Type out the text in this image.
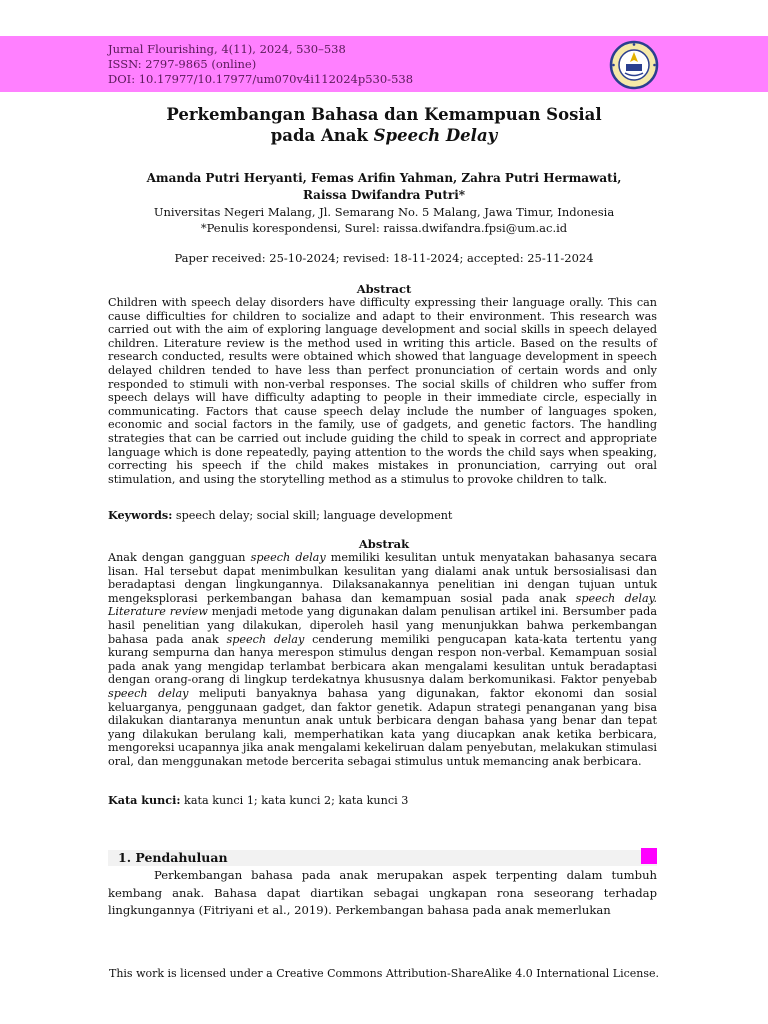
Jurnal Flourishing, 4(11), 2024, 530–538
ISSN: 2797-9865 (online)
DOI: 10.17977/10.17977/um070v4i112024p530-538
Perkembangan Bahasa dan Kemampuan Sosial
pada Anak Speech Delay
Amanda Putri Heryanti, Femas Arifin Yahman, Zahra Putri Hermawati,
Raissa Dwifandra Putri*
Universitas Negeri Malang, Jl. Semarang No. 5 Malang, Jawa Timur, Indonesia
*Penulis korespondensi, Surel: raissa.dwifandra.fpsi@um.ac.id
Paper received: 25-10-2024; revised: 18-11-2024; accepted: 25-11-2024
Abstract
Children with speech delay disorders have difficulty expressing their language orally. This can cause difficulties for children to socialize and adapt to their environment. This research was carried out with the aim of exploring language development and social skills in speech delayed children. Literature review is the method used in writing this article. Based on the results of research conducted, results were obtained which showed that language development in speech delayed children tended to have less than perfect pronunciation of certain words and only responded to stimuli with non-verbal responses. The social skills of children who suffer from speech delays will have difficulty adapting to people in their immediate circle, especially in communicating. Factors that cause speech delay include the number of languages spoken, economic and social factors in the family, use of gadgets, and genetic factors. The handling strategies that can be carried out include guiding the child to speak in correct and appropriate language which is done repeatedly, paying attention to the words the child says when speaking, correcting his speech if the child makes mistakes in pronunciation, carrying out oral stimulation, and using the storytelling method as a stimulus to provoke children to talk.
Keywords: speech delay; social skill; language development
Abstrak
Anak dengan gangguan speech delay memiliki kesulitan untuk menyatakan bahasanya secara lisan. Hal tersebut dapat menimbulkan kesulitan yang dialami anak untuk bersosialisasi dan beradaptasi dengan lingkungannya. Dilaksanakannya penelitian ini dengan tujuan untuk mengeksplorasi perkembangan bahasa dan kemampuan sosial pada anak speech delay. Literature review menjadi metode yang digunakan dalam penulisan artikel ini. Bersumber pada hasil penelitian yang dilakukan, diperoleh hasil yang menunjukkan bahwa perkembangan bahasa pada anak speech delay cenderung memiliki pengucapan kata-kata tertentu yang kurang sempurna dan hanya merespon stimulus dengan respon non-verbal. Kemampuan sosial pada anak yang mengidap terlambat berbicara akan mengalami kesulitan untuk beradaptasi dengan orang-orang di lingkup terdekatnya khususnya dalam berkomunikasi. Faktor penyebab speech delay meliputi banyaknya bahasa yang digunakan, faktor ekonomi dan sosial keluarganya, penggunaan gadget, dan faktor genetik. Adapun strategi penanganan yang bisa dilakukan diantaranya menuntun anak untuk berbicara dengan bahasa yang benar dan tepat yang dilakukan berulang kali, memperhatikan kata yang diucapkan anak ketika berbicara, mengoreksi ucapannya jika anak mengalami kekeliruan dalam penyebutan, melakukan stimulasi oral, dan menggunakan metode bercerita sebagai stimulus untuk memancing anak berbicara.
Kata kunci: kata kunci 1; kata kunci 2; kata kunci 3
1. Pendahuluan
Perkembangan bahasa pada anak merupakan aspek terpenting dalam tumbuh kembang anak. Bahasa dapat diartikan sebagai ungkapan rona seseorang terhadap lingkungannya (Fitriyani et al., 2019). Perkembangan bahasa pada anak memerlukan
This work is licensed under a Creative Commons Attribution-ShareAlike 4.0 International License.
